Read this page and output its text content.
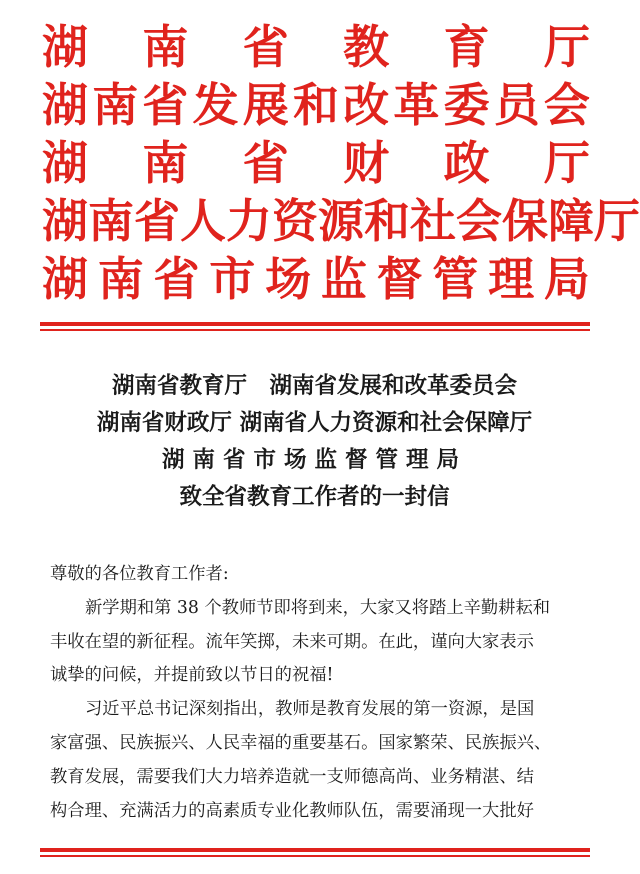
湖 南 省 教 育 厅
湖 南 省 发 展 和 改 革 委 员 会
湖 南 省 财 政 厅
湖 南 省 人 力 资 源 和 社 会 保 障 厅
湖 南 省 市 场 监 督 管 理 局
湖南省教育厅　湖南省发展和改革委员会
湖南省财政厅 湖南省人力资源和社会保障厅
湖南省市场监督管理局
致全省教育工作者的一封信
尊敬的各位教育工作者:
新学期和第 38 个教师节即将到来，大家又将踏上辛勤耕耘和
丰收在望的新征程。流年笑掷，未来可期。在此，谨向大家表示
诚挚的问候，并提前致以节日的祝福!
习近平总书记深刻指出，教师是教育发展的第一资源，是国
家富强、民族振兴、人民幸福的重要基石。国家繁荣、民族振兴、
教育发展，需要我们大力培养造就一支师德高尚、业务精湛、结
构合理、充满活力的高素质专业化教师队伍，需要涌现一大批好
